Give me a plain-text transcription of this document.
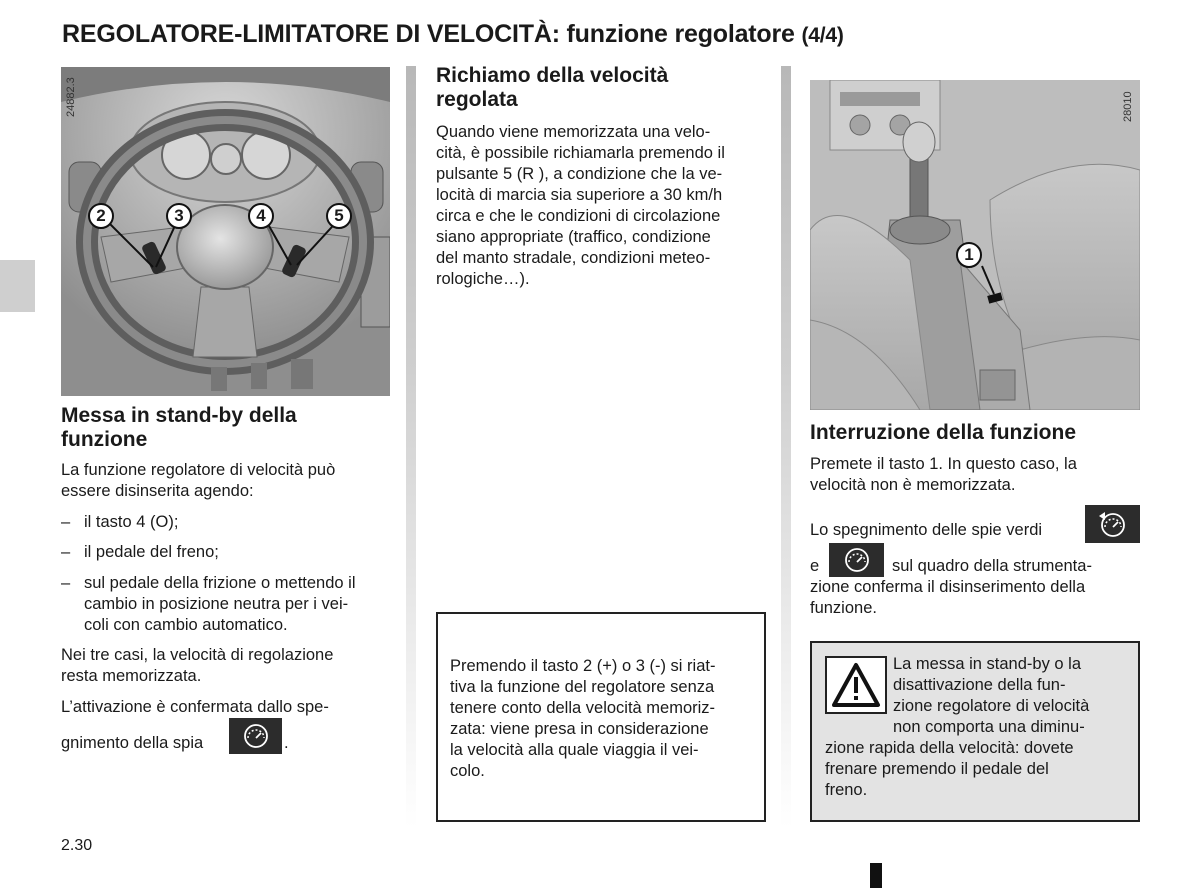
REGOLATORE-LIMITATORE DI VELOCITÀ: funzione regolatore (4/4)
2	3	4	5
24882.3
Messa in stand-by della
funzione
La funzione regolatore di velocità può
essere disinserita agendo:
– il tasto 4 (O);
– il pedale del freno;
– sul pedale della frizione o mettendo il
cambio in posizione neutra per i vei-
coli con cambio automatico.
Nei tre casi, la velocità di regolazione
resta memorizzata.
L’attivazione è confermata dallo spe-
gnimento della spia	.
Richiamo della velocità
regolata
Quando viene memorizzata una velo-
cità, è possibile richiamarla premendo il
pulsante 5 (R ), a condizione che la ve-
locità di marcia sia superiore a 30 km/h
circa e che le condizioni di circolazione
siano appropriate (traffico, condizione
del manto stradale, condizioni meteo-
rologiche…).
Premendo il tasto 2 (+) o 3 (-) si riat-
tiva la funzione del regolatore senza
tenere conto della velocità memoriz-
zata: viene presa in considerazione
la velocità alla quale viaggia il vei-
colo.
1
28010
Interruzione della funzione
Premete il tasto 1. In questo caso, la
velocità non è memorizzata.
Lo spegnimento delle spie verdi
e	sul quadro della strumenta-
zione conferma il disinserimento della
funzione.
La messa in stand-by o la
disattivazione della fun-
zione regolatore di velocità
non comporta una diminu-
zione rapida della velocità: dovete
frenare premendo il pedale del
freno.
2.30
